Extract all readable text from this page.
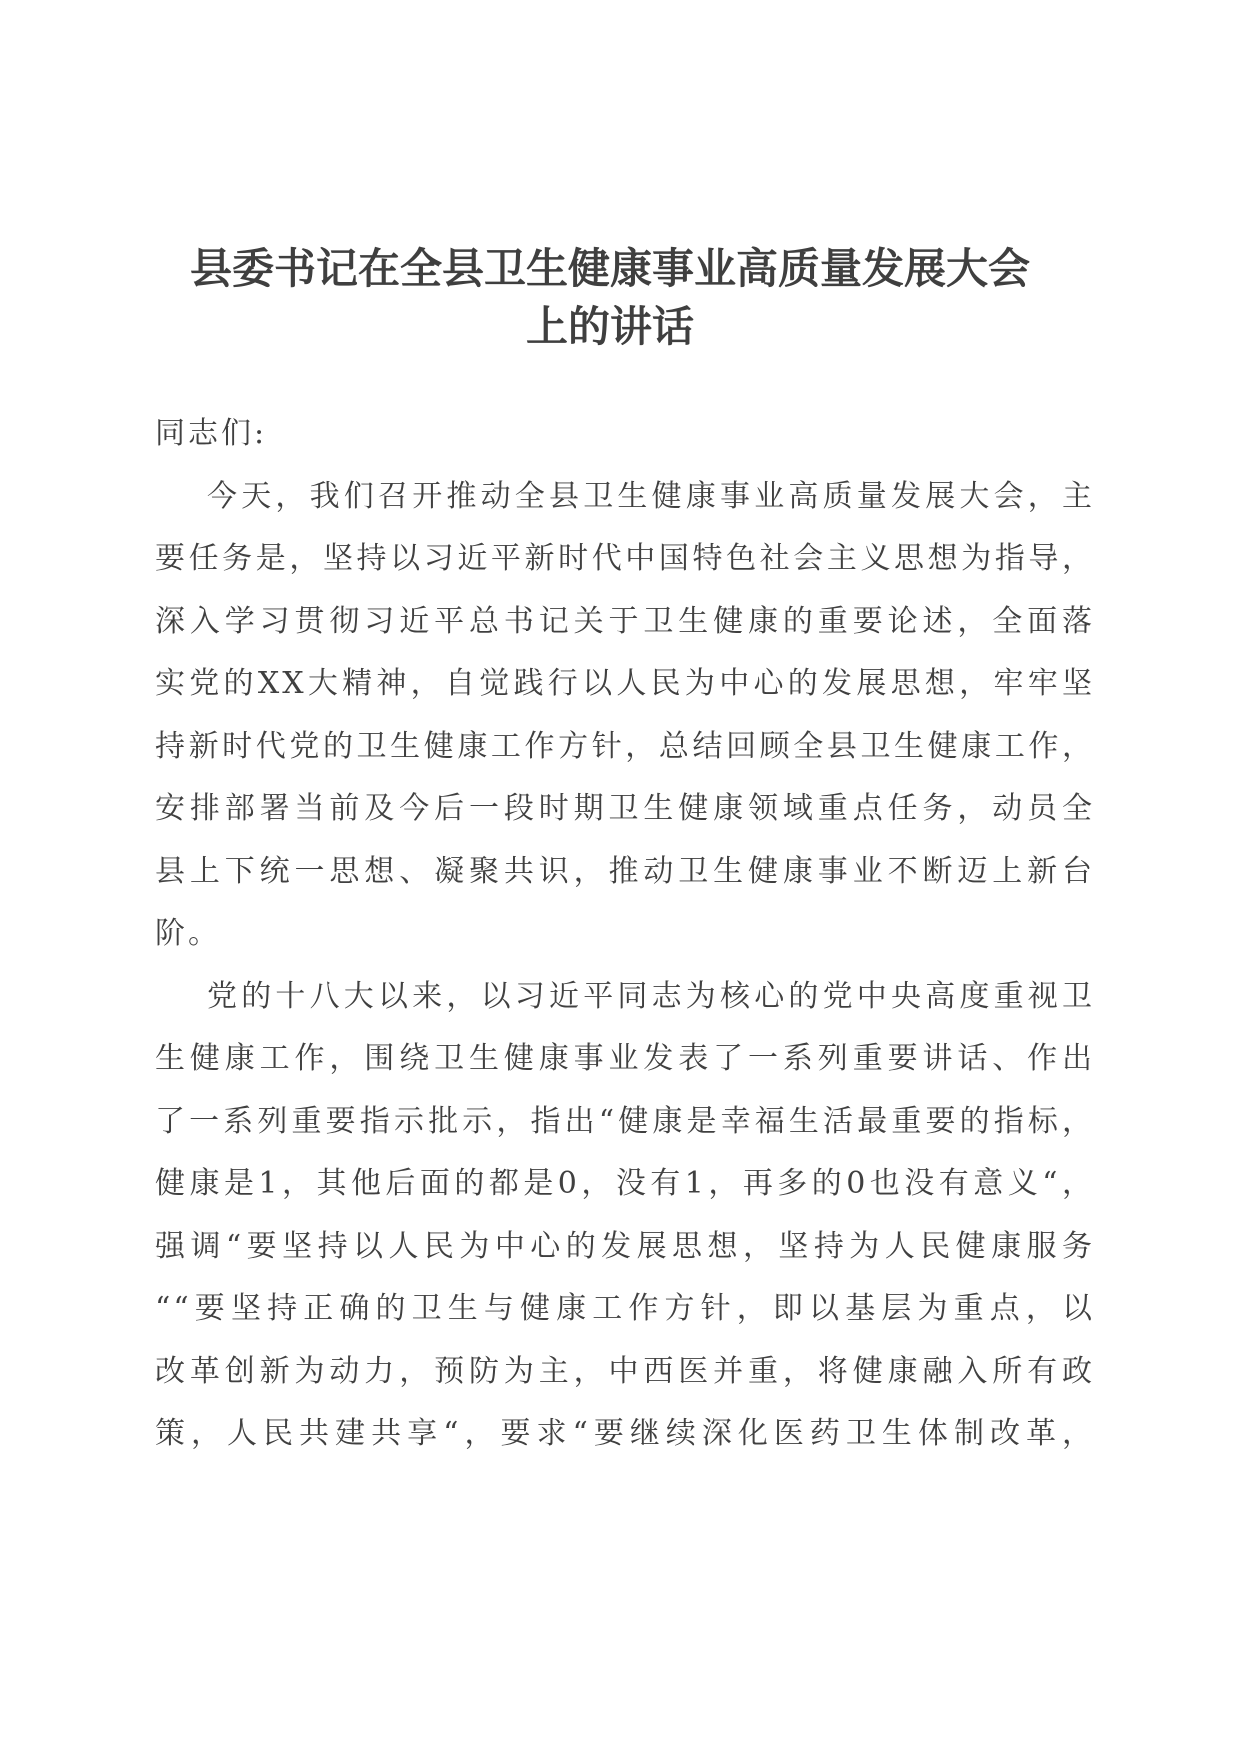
县委书记在全县卫生健康事业高质量发展大会
上的讲话
同志们:
今天，我们召开推动全县卫生健康事业高质量发展大会，主
要任务是，坚持以习近平新时代中国特色社会主义思想为指导，
深入学习贯彻习近平总书记关于卫生健康的重要论述，全面落
实党的XX大精神，自觉践行以人民为中心的发展思想，牢牢坚
持新时代党的卫生健康工作方针，总结回顾全县卫生健康工作，
安排部署当前及今后一段时期卫生健康领域重点任务，动员全
县上下统一思想、凝聚共识，推动卫生健康事业不断迈上新台
阶。
党的十八大以来，以习近平同志为核心的党中央高度重视卫
生健康工作，围绕卫生健康事业发表了一系列重要讲话、作出
了一系列重要指示批示，指出“健康是幸福生活最重要的指标，
健康是1，其他后面的都是0，没有1，再多的0也没有意义“，
强调“要坚持以人民为中心的发展思想，坚持为人民健康服务
““要坚持正确的卫生与健康工作方针，即以基层为重点，以
改革创新为动力，预防为主，中西医并重，将健康融入所有政
策，人民共建共享“，要求“要继续深化医药卫生体制改革，
